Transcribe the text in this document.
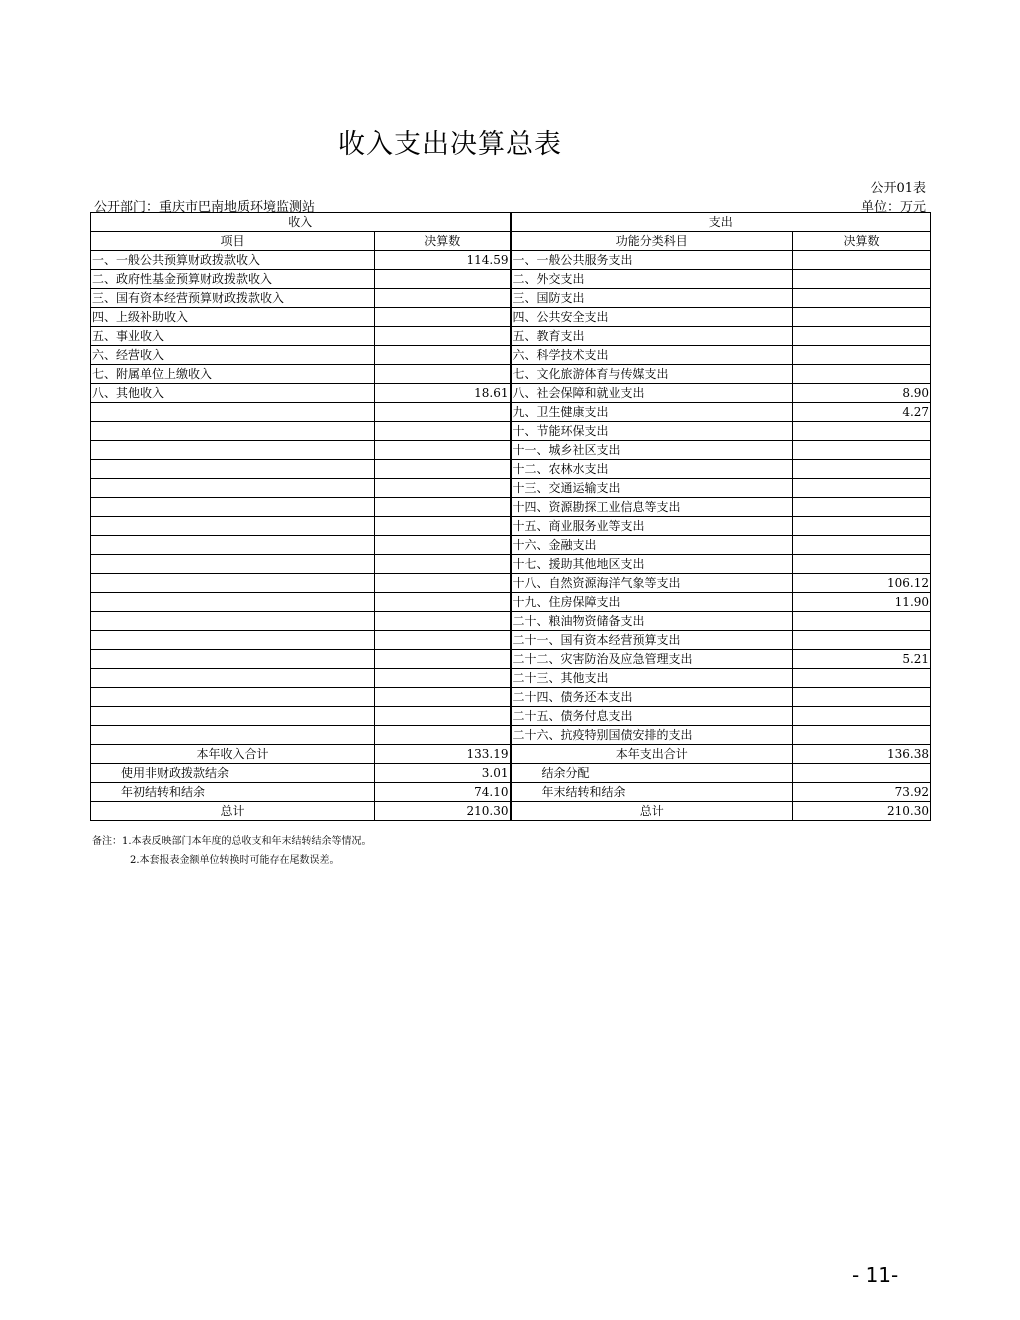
收入支出决算总表
公开01表
公开部门：重庆市巴南地质环境监测站	单位：万元
收入		支出	
项目	决算数	功能分类科目	决算数
一、一般公共预算财政拨款收入	114.59	一、一般公共服务支出	
二、政府性基金预算财政拨款收入		二、外交支出	
三、国有资本经营预算财政拨款收入		三、国防支出	
四、上级补助收入		四、公共安全支出	
五、事业收入		五、教育支出	
六、经营收入		六、科学技术支出	
七、附属单位上缴收入		七、文化旅游体育与传媒支出	
八、其他收入	18.61	八、社会保障和就业支出	8.90
		九、卫生健康支出	4.27
		十、节能环保支出	
		十一、城乡社区支出	
		十二、农林水支出	
		十三、交通运输支出	
		十四、资源勘探工业信息等支出	
		十五、商业服务业等支出	
		十六、金融支出	
		十七、援助其他地区支出	
		十八、自然资源海洋气象等支出	106.12
		十九、住房保障支出	11.90
		二十、粮油物资储备支出	
		二十一、国有资本经营预算支出	
		二十二、灾害防治及应急管理支出	5.21
		二十三、其他支出	
		二十四、债务还本支出	
		二十五、债务付息支出	
		二十六、抗疫特别国债安排的支出	
本年收入合计	133.19	本年支出合计	136.38
使用非财政拨款结余	3.01	结余分配	
年初结转和结余	74.10	年末结转和结余	73.92
总计	210.30	总计	210.30
备注：1.本表反映部门本年度的总收支和年末结转结余等情况。
2.本套报表金额单位转换时可能存在尾数误差。
- 11-
